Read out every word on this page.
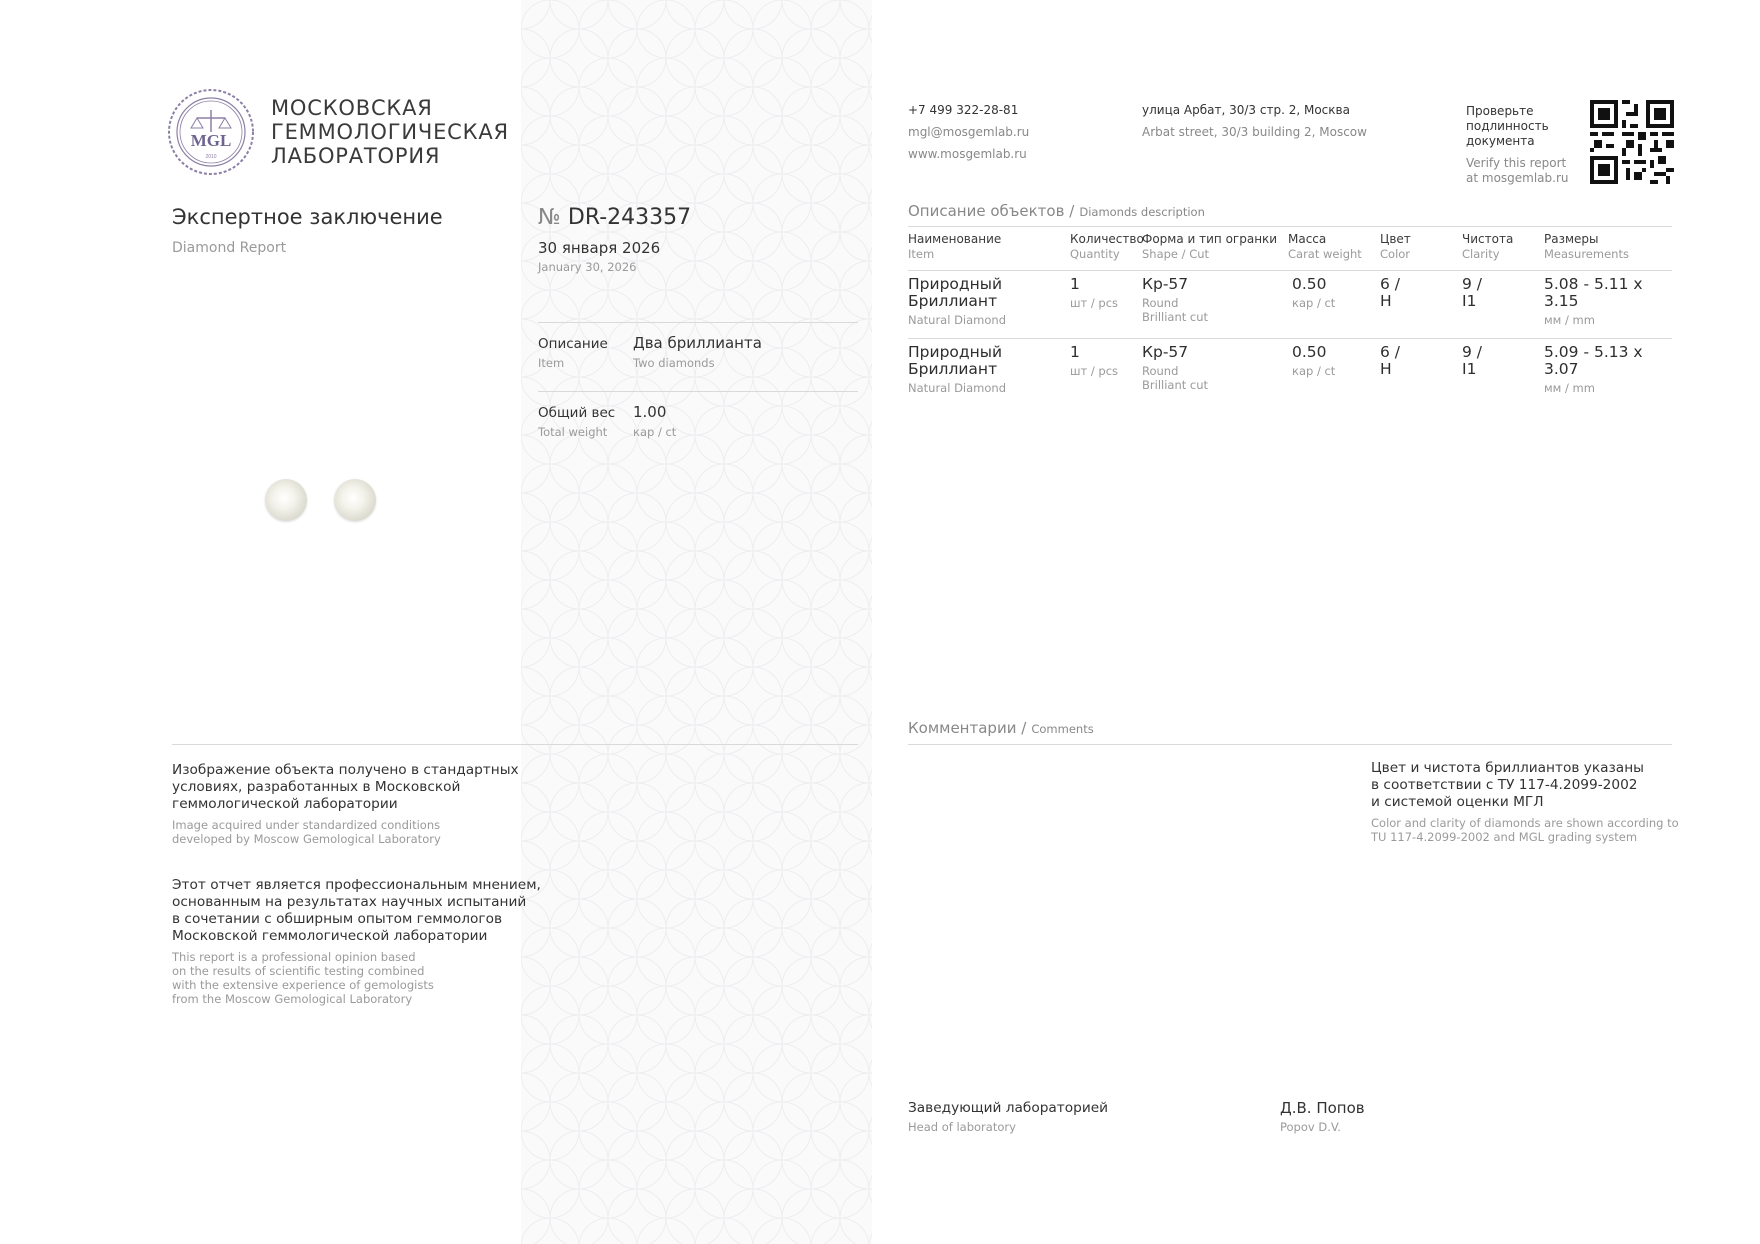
MGL
2010
МОСКОВСКАЯ
ГЕММОЛОГИЧЕСКАЯ
ЛАБОРАТОРИЯ
Экспертное заключение
Diamond Report
№ DR-243357
30 января 2026
January 30, 2026
Описание
Item
Два бриллианта
Two diamonds
Общий вес
Total weight
1.00
кар / ct
+7 499 322-28-81
mgl@mosgemlab.ru
www.mosgemlab.ru
улица Арбат, 30/3 стр. 2, Москва
Arbat street, 30/3 building 2, Moscow
Проверьте
подлинность
документа
Verify this report
at mosgemlab.ru
Описание объектов / Diamonds description
Наименование
Item
Количество
Quantity
Форма и тип огранки
Shape / Cut
Масса
Carat weight
Цвет
Color
Чистота
Clarity
Размеры
Measurements
Природный
Бриллиант
Natural Diamond
1
шт / pcs
Кр-57
Round
Brilliant cut
0.50
кар / ct
6 /
H
9 /
I1
5.08 - 5.11 x 3.15
мм / mm
Природный
Бриллиант
Natural Diamond
1
шт / pcs
Кр-57
Round
Brilliant cut
0.50
кар / ct
6 /
H
9 /
I1
5.09 - 5.13 x 3.07
мм / mm
Комментарии / Comments
Цвет и чистота бриллиантов указаны
в соответствии с ТУ 117-4.2099-2002
и системой оценки МГЛ
Color and clarity of diamonds are shown according to
TU 117-4.2099-2002 and MGL grading system
Изображение объекта получено в стандартных
условиях, разработанных в Московской
геммологической лаборатории
Image acquired under standardized conditions
developed by Moscow Gemological Laboratory
Этот отчет является профессиональным мнением,
основанным на результатах научных испытаний
в сочетании с обширным опытом геммологов
Московской геммологической лаборатории
This report is a professional opinion based
on the results of scientific testing combined
with the extensive experience of gemologists
from the Moscow Gemological Laboratory
Заведующий лабораторией
Head of laboratory
Д.В. Попов
Popov D.V.
